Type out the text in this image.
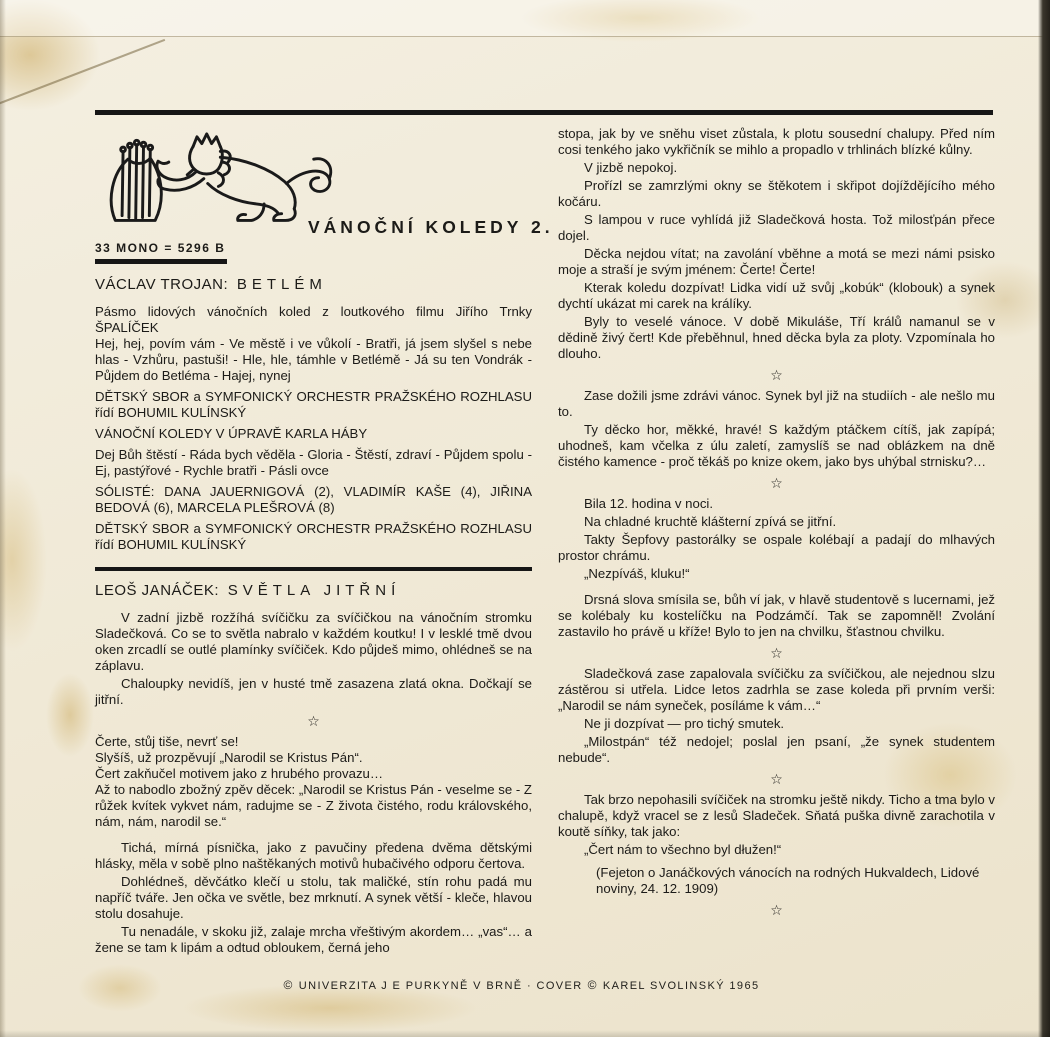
33 MONO = 5296 B
VÁNOČNÍ KOLEDY 2.
VÁCLAV TROJAN: BETLÉM

Pásmo lidových vánočních koled z loutkového filmu Jiřího Trnky ŠPALÍČEK

Hej, hej, povím vám - Ve městě i ve vůkolí - Bratři, já jsem slyšel s nebe hlas - Vzhůru, pastuši! - Hle, hle, támhle v Betlémě - Já su ten Vondrák - Půjdem do Betléma - Hajej, nynej

DĚTSKÝ SBOR a SYMFONICKÝ ORCHESTR PRAŽSKÉHO ROZHLASU řídí BOHUMIL KULÍNSKÝ

VÁNOČNÍ KOLEDY V ÚPRAVĚ KARLA HÁBY

Dej Bůh štěstí - Ráda bych věděla - Gloria - Štěstí, zdraví - Půjdem spolu - Ej, pastýřové - Rychle bratři - Pásli ovce

SÓLISTÉ: DANA JAUERNIGOVÁ (2), VLADIMÍR KAŠE (4), JIŘINA BEDOVÁ (6), MARCELA PLEŠROVÁ (8)

DĚTSKÝ SBOR a SYMFONICKÝ ORCHESTR PRAŽSKÉHO ROZHLASU řídí BOHUMIL KULÍNSKÝ

LEOŠ JANÁČEK: SVĚTLA JITŘNÍ

V zadní jizbě rozžíhá svíčičku za svíčičkou na vánočním stromku Sladečková. Co se to světla nabralo v každém koutku! I v lesklé tmě dvou oken zrcadlí se outlé plamínky svíčiček. Kdo půjdeš mimo, ohlédneš se na záplavu.

Chaloupky nevidíš, jen v husté tmě zasazena zlatá okna. Dočkají se jitřní.

☆

Čerte, stůj tiše, nevrť se!

Slyšíš, už prozpěvují „Narodil se Kristus Pán“.

Čert zakňučel motivem jako z hrubého provazu…

Až to nabodlo zbožný zpěv děcek: „Narodil se Kristus Pán - veselme se - Z růžek kvítek vykvet nám, radujme se - Z života čistého, rodu královského, nám, nám, narodil se.“

Tichá, mírná písnička, jako z pavučiny předena dvěma dětskými hlásky, měla v sobě plno naštěkaných motivů hubačivého odporu čertova.

Dohlédneš, děvčátko klečí u stolu, tak maličké, stín rohu padá mu napříč tváře. Jen očka ve světle, bez mrknutí. A synek větší - kleče, hlavou stolu dosahuje.

Tu nenadále, v skoku již, zalaje mrcha vřeštivým akordem… „vas“… a žene se tam k lipám a odtud obloukem, černá jeho

stopa, jak by ve sněhu viset zůstala, k plotu sousední chalupy. Před ním cosi tenkého jako vykřičník se mihlo a propadlo v trhlinách blízké kůlny.

V jizbě nepokoj.

Prořízl se zamrzlými okny se štěkotem i skřipot dojíždějícího mého kočáru.

S lampou v ruce vyhlídá již Sladečková hosta. Tož milosťpán přece dojel.

Děcka nejdou vítat; na zavolání vběhne a motá se mezi námi psisko moje a straší je svým jménem: Čerte! Čerte!

Kterak koledu dozpívat! Lidka vidí už svůj „kobúk“ (klobouk) a synek dychtí ukázat mi carek na králíky.

Byly to veselé vánoce. V době Mikuláše, Tří králů namanul se v dědině živý čert! Kde přeběhnul, hned děcka byla za ploty. Vzpomínala ho dlouho.

☆

Zase dožili jsme zdrávi vánoc. Synek byl již na studiích - ale nešlo mu to.

Ty děcko hor, měkké, hravé! S každým ptáčkem cítíš, jak zapípá; uhodneš, kam včelka z úlu zaletí, zamyslíš se nad oblázkem na dně čistého kamence - proč těkáš po knize okem, jako bys uhýbal strnisku?…

☆

Bila 12. hodina v noci.

Na chladné kruchtě klášterní zpívá se jitřní.

Takty Šepfovy pastorálky se ospale kolébají a padají do mlhavých prostor chrámu.

„Nezpíváš, kluku!“

Drsná slova smísila se, bůh ví jak, v hlavě studentově s lucernami, jež se kolébaly ku kostelíčku na Podzámčí. Tak se zapomněl! Zvolání zastavilo ho právě u kříže! Bylo to jen na chvilku, šťastnou chvilku.

☆

Sladečková zase zapalovala svíčičku za svíčičkou, ale nejednou slzu zástěrou si utřela. Lidce letos zadrhla se zase koleda při prvním verši: „Narodil se nám syneček, posíláme k vám…“

Ne ji dozpívat — pro tichý smutek.

„Milostpán“ též nedojel; poslal jen psaní, „že synek studentem nebude“.

☆

Tak brzo nepohasili svíčiček na stromku ještě nikdy. Ticho a tma bylo v chalupě, když vracel se z lesů Sladeček. Sňatá puška divně zarachotila v koutě síňky, tak jako:

„Čert nám to všechno byl dłužen!“

(Fejeton o Janáčkových vánocích na rodných Hukvaldech, Lidové noviny, 24. 12. 1909)

☆
© UNIVERZITA J E PURKYNĚ V BRNĚ · COVER © KAREL SVOLINSKÝ 1965
